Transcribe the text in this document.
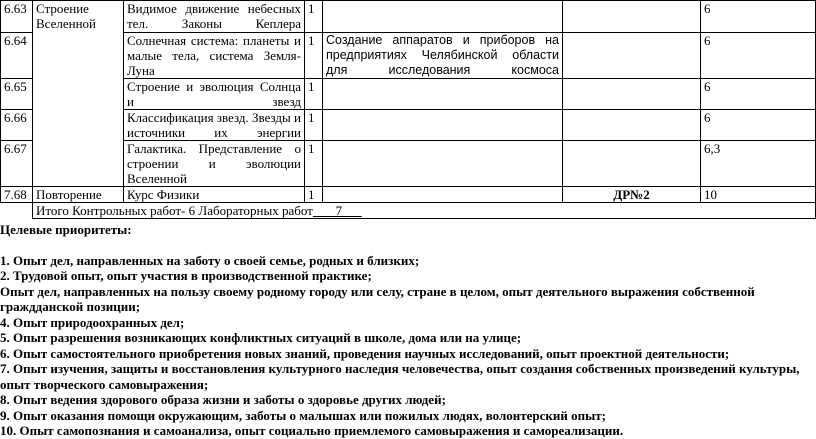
6.63	Строение Вселенной	Видимое движение небесных тел. Законы Кеплера	1			6
6.64		Солнечная система: планеты и малые тела, система Земля-Луна	1	Создание аппаратов и приборов на предприятиях Челябинской области для исследования космоса		6
6.65		Строение и эволюция Солнца и звезд	1			6
6.66		Классификация звезд. Звезды и источники их энергии	1			6
6.67		Галактика. Представление о строении и эволюции Вселенной	1			6,3
7.68	Повторение	Курс Физики	1		ДР№2	10
	Итого Контрольных работ- 6 Лабораторных работ       7					

Целевые приоритеты:

1. Опыт дел, направленных на заботу о своей семье, родных и близких;

2. Трудовой опыт, опыт участия в производственной практике;

Опыт дел, направленных на пользу своему родному городу или селу, стране в целом, опыт деятельного выражения собственной граждданской позиции;

4. Опыт природоохранных дел;

5. Опыт разрешения возникающих конфликтных ситуаций в школе, дома или на улице;

6. Опыт самостоятельного приобретения новых знаний, проведения научных исследований, опыт проектной деятельности;

7. Опыт изучения, защиты и восстановления культурного наследия человечества, опыт создания собственных произведений культуры, опыт творческого самовыражения;

8. Опыт ведения здорового образа жизни и заботы о здоровье других людей;

9. Опыт оказания помощи окружающим, заботы о малышах или пожилых людях, волонтерский опыт;

10. Опыт самопознания и самоанализа, опыт социально приемлемого самовыражения и самореализации.
